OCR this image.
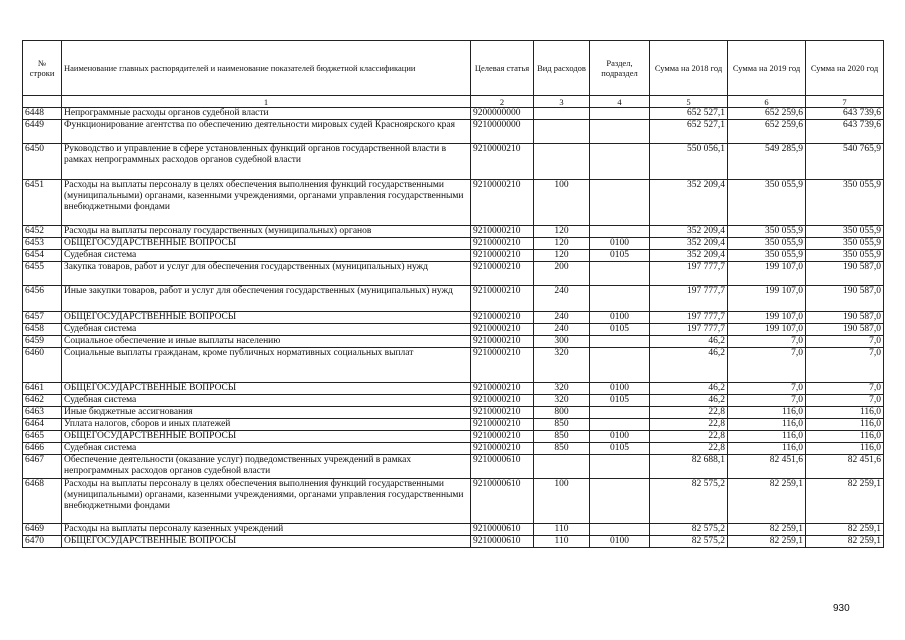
№ строки	Наименование главных распорядителей и наименование показателей бюджетной классификации	Целевая статья	Вид расходов	Раздел, подраздел	Сумма на 2018 год	Сумма на 2019 год	Сумма на 2020 год
	1	2	3	4	5	6	7
6448	Непрограммные расходы органов судебной власти	9200000000			652 527,1	652 259,6	643 739,6
6449	Функционирование агентства по обеспечению деятельности мировых судей Красноярского края	9210000000			652 527,1	652 259,6	643 739,6
6450	Руководство и управление в сфере установленных функций органов государственной власти в рамках непрограммных расходов органов судебной власти	9210000210			550 056,1	549 285,9	540 765,9
6451	Расходы на выплаты персоналу в целях обеспечения выполнения функций государственными (муниципальными) органами, казенными учреждениями, органами управления государственными внебюджетными фондами	9210000210	100		352 209,4	350 055,9	350 055,9
6452	Расходы на выплаты персоналу государственных (муниципальных) органов	9210000210	120		352 209,4	350 055,9	350 055,9
6453	ОБЩЕГОСУДАРСТВЕННЫЕ ВОПРОСЫ	9210000210	120	0100	352 209,4	350 055,9	350 055,9
6454	Судебная система	9210000210	120	0105	352 209,4	350 055,9	350 055,9
6455	Закупка товаров, работ и услуг для обеспечения государственных (муниципальных) нужд	9210000210	200		197 777,7	199 107,0	190 587,0
6456	Иные закупки товаров, работ и услуг для обеспечения государственных (муниципальных) нужд	9210000210	240		197 777,7	199 107,0	190 587,0
6457	ОБЩЕГОСУДАРСТВЕННЫЕ ВОПРОСЫ	9210000210	240	0100	197 777,7	199 107,0	190 587,0
6458	Судебная система	9210000210	240	0105	197 777,7	199 107,0	190 587,0
6459	Социальное обеспечение и иные выплаты населению	9210000210	300		46,2	7,0	7,0
6460	Социальные выплаты гражданам, кроме публичных нормативных социальных выплат	9210000210	320		46,2	7,0	7,0
6461	ОБЩЕГОСУДАРСТВЕННЫЕ ВОПРОСЫ	9210000210	320	0100	46,2	7,0	7,0
6462	Судебная система	9210000210	320	0105	46,2	7,0	7,0
6463	Иные бюджетные ассигнования	9210000210	800		22,8	116,0	116,0
6464	Уплата налогов, сборов и иных платежей	9210000210	850		22,8	116,0	116,0
6465	ОБЩЕГОСУДАРСТВЕННЫЕ ВОПРОСЫ	9210000210	850	0100	22,8	116,0	116,0
6466	Судебная система	9210000210	850	0105	22,8	116,0	116,0
6467	Обеспечение деятельности (оказание услуг) подведомственных учреждений в рамках непрограммных расходов органов судебной власти	9210000610			82 688,1	82 451,6	82 451,6
6468	Расходы на выплаты персоналу в целях обеспечения выполнения функций государственными (муниципальными) органами, казенными учреждениями, органами управления государственными внебюджетными фондами	9210000610	100		82 575,2	82 259,1	82 259,1
6469	Расходы на выплаты персоналу казенных учреждений	9210000610	110		82 575,2	82 259,1	82 259,1
6470	ОБЩЕГОСУДАРСТВЕННЫЕ ВОПРОСЫ	9210000610	110	0100	82 575,2	82 259,1	82 259,1
930
